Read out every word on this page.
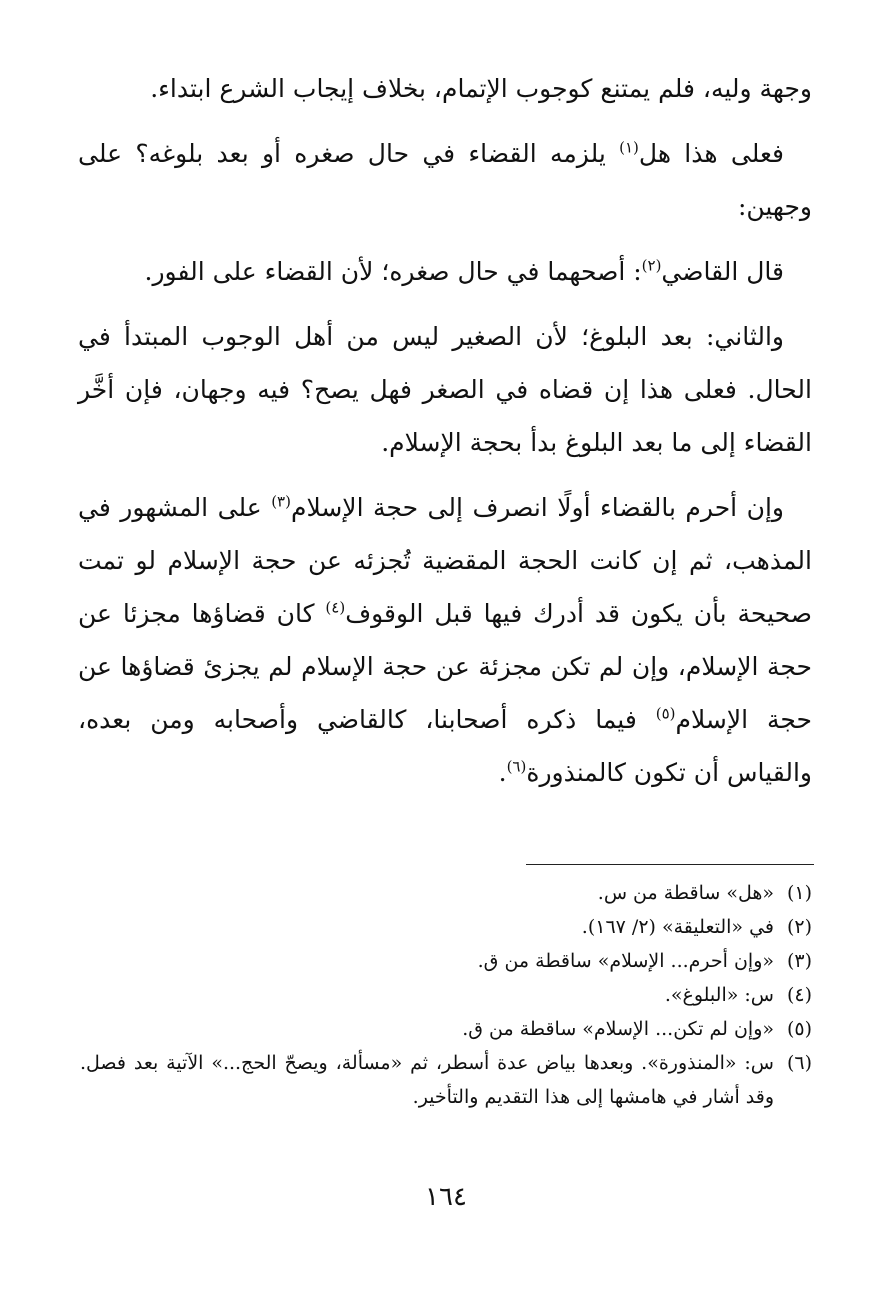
وجهة وليه، فلم يمتنع كوجوب الإتمام، بخلاف إيجاب الشرع ابتداء.

فعلى هذا هل$^{(١)}$ يلزمه القضاء في حال صغره أو بعد بلوغه؟ على وجهين:

قال القاضي$^{(٢)}$: أصحهما في حال صغره؛ لأن القضاء على الفور.

والثاني: بعد البلوغ؛ لأن الصغير ليس من أهل الوجوب المبتدأ في الحال. فعلى هذا إن قضاه في الصغر فهل يصح؟ فيه وجهان، فإن أخَّر القضاء إلى ما بعد البلوغ بدأ بحجة الإسلام.

وإن أحرم بالقضاء أولًا انصرف إلى حجة الإسلام$^{(٣)}$ على المشهور في المذهب، ثم إن كانت الحجة المقضية تُجزئه عن حجة الإسلام لو تمت صحيحة بأن يكون قد أدرك فيها قبل الوقوف$^{(٤)}$ كان قضاؤها مجزئا عن حجة الإسلام، وإن لم تكن مجزئة عن حجة الإسلام لم يجزئ قضاؤها عن حجة الإسلام$^{(٥)}$ فيما ذكره أصحابنا، كالقاضي وأصحابه ومن بعده، والقياس أن تكون كالمنذورة$^{(٦)}$.

(١)
«هل» ساقطة من س.
(٢)
في «التعليقة» (٢/ ١٦٧).
(٣)
«وإن أحرم... الإسلام» ساقطة من ق.
(٤)
س: «البلوغ».
(٥)
«وإن لم تكن... الإسلام» ساقطة من ق.
(٦)
س: «المنذورة». وبعدها بياض عدة أسطر، ثم «مسألة، ويصحّ الحج...» الآتية بعد فصل. وقد أشار في هامشها إلى هذا التقديم والتأخير.
١٦٤
